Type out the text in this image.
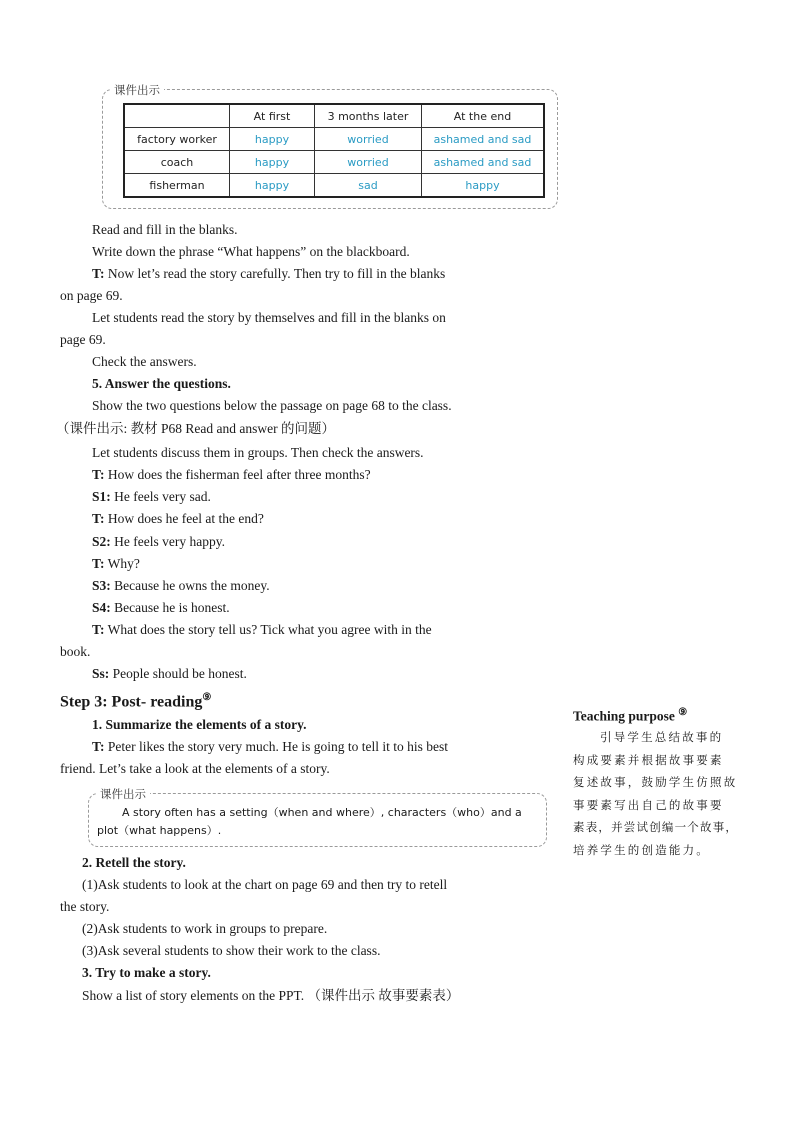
课件出示
	At first	3 months later	At the end
factory worker	happy	worried	ashamed and sad
coach	happy	worried	ashamed and sad
fisherman	happy	sad	happy
Read and fill in the blanks.
Write down the phrase “What happens” on the blackboard.
T: Now let’s read the story carefully. Then try to fill in the blanks
on page 69.
Let students read the story by themselves and fill in the blanks on
page 69.
Check the answers.
5. Answer the questions.
Show the two questions below the passage on page 68 to the class.
（课件出示: 教材 P68 Read and answer 的问题）
Let students discuss them in groups. Then check the answers.
T: How does the fisherman feel after three months?
S1: He feels very sad.
T: How does he feel at the end?
S2: He feels very happy.
T: Why?
S3: Because he owns the money.
S4: Because he is honest.
T: What does the story tell us? Tick what you agree with in the
book.
Ss: People should be honest.
Step 3: Post- reading⑨
1. Summarize the elements of a story.
T: Peter likes the story very much. He is going to tell it to his best
friend. Let’s take a look at the elements of a story.
课件出示
A story often has a setting（when and where）, characters（who）and a
plot（what happens）.
2. Retell the story.
(1)Ask students to look at the chart on page 69 and then try to retell
the story.
(2)Ask students to work in groups to prepare.
(3)Ask several students to show their work to the class.
3. Try to make a story.
Show a list of story elements on the PPT. （课件出示 故事要素表）
Teaching purpose ⑨
引导学生总结故事的
构成要素并根据故事要素
复述故事，鼓励学生仿照故
事要素写出自己的故事要
素表，并尝试创编一个故事，
培养学生的创造能力。
